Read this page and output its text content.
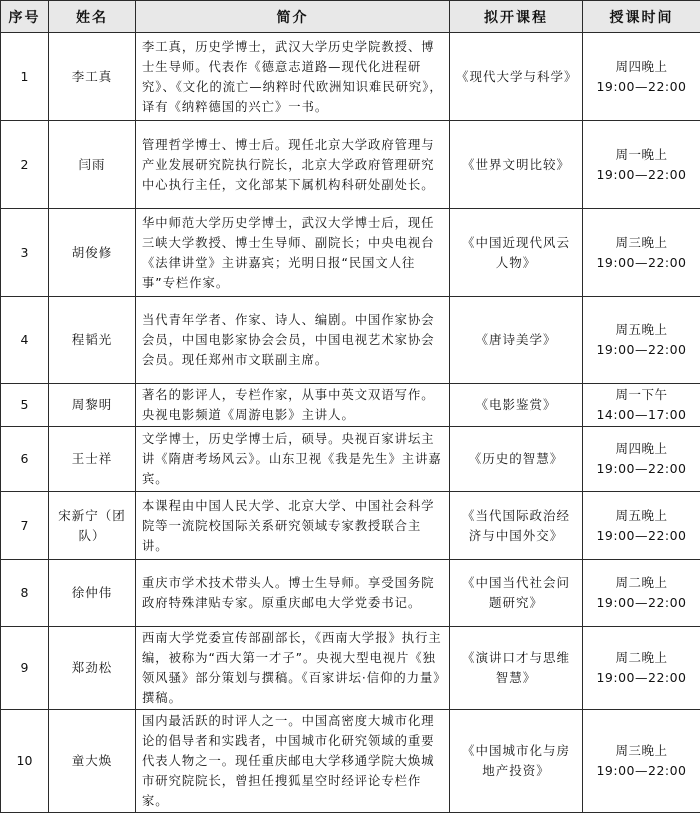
序号	姓名	简介	拟开课程	授课时间
1	李工真	李工真，历史学博士，武汉大学历史学院教授、博士生导师。代表作《德意志道路—现代化进程研究》、《文化的流亡—纳粹时代欧洲知识难民研究》，译有《纳粹德国的兴亡》一书。	《现代大学与科学》	周四晚上
19:00—22:00

2	闫雨	管理哲学博士、博士后。现任北京大学政府管理与产业发展研究院执行院长，北京大学政府管理研究中心执行主任，文化部某下属机构科研处副处长。	《世界文明比较》	周一晚上
19:00—22:00

3	胡俊修	华中师范大学历史学博士，武汉大学博士后，现任三峡大学教授、博士生导师、副院长；中央电视台《法律讲堂》主讲嘉宾；光明日报“民国文人往事”专栏作家。	《中国近现代风云人物》	周三晚上
19:00—22:00

4	程韬光	当代青年学者、作家、诗人、编剧。中国作家协会会员，中国电影家协会会员，中国电视艺术家协会会员。现任郑州市文联副主席。	《唐诗美学》	周五晚上
19:00—22:00

5	周黎明	著名的影评人，专栏作家，从事中英文双语写作。央视电影频道《周游电影》主讲人。	《电影鉴赏》	周一下午
14:00—17:00

6	王士祥	文学博士，历史学博士后，硕导。央视百家讲坛主讲《隋唐考场风云》。山东卫视《我是先生》主讲嘉宾。	《历史的智慧》	周四晚上
19:00—22:00

7	宋新宁（团队）	本课程由中国人民大学、北京大学、中国社会科学院等一流院校国际关系研究领域专家教授联合主讲。	《当代国际政治经济与中国外交》	周五晚上
19:00—22:00

8	徐仲伟	重庆市学术技术带头人。博士生导师。享受国务院政府特殊津贴专家。原重庆邮电大学党委书记。	《中国当代社会问题研究》	周二晚上
19:00—22:00

9	郑劲松	西南大学党委宣传部副部长，《西南大学报》执行主编，被称为“西大第一才子”。央视大型电视片《独领风骚》部分策划与撰稿。《百家讲坛·信仰的力量》撰稿。	《演讲口才与思维智慧》	周二晚上
19:00—22:00

10	童大焕	国内最活跃的时评人之一。中国高密度大城市化理论的倡导者和实践者，中国城市化研究领域的重要代表人物之一。现任重庆邮电大学移通学院大焕城市研究院院长，曾担任搜狐星空时经评论专栏作家。	《中国城市化与房地产投资》	周三晚上
19:00—22:00
